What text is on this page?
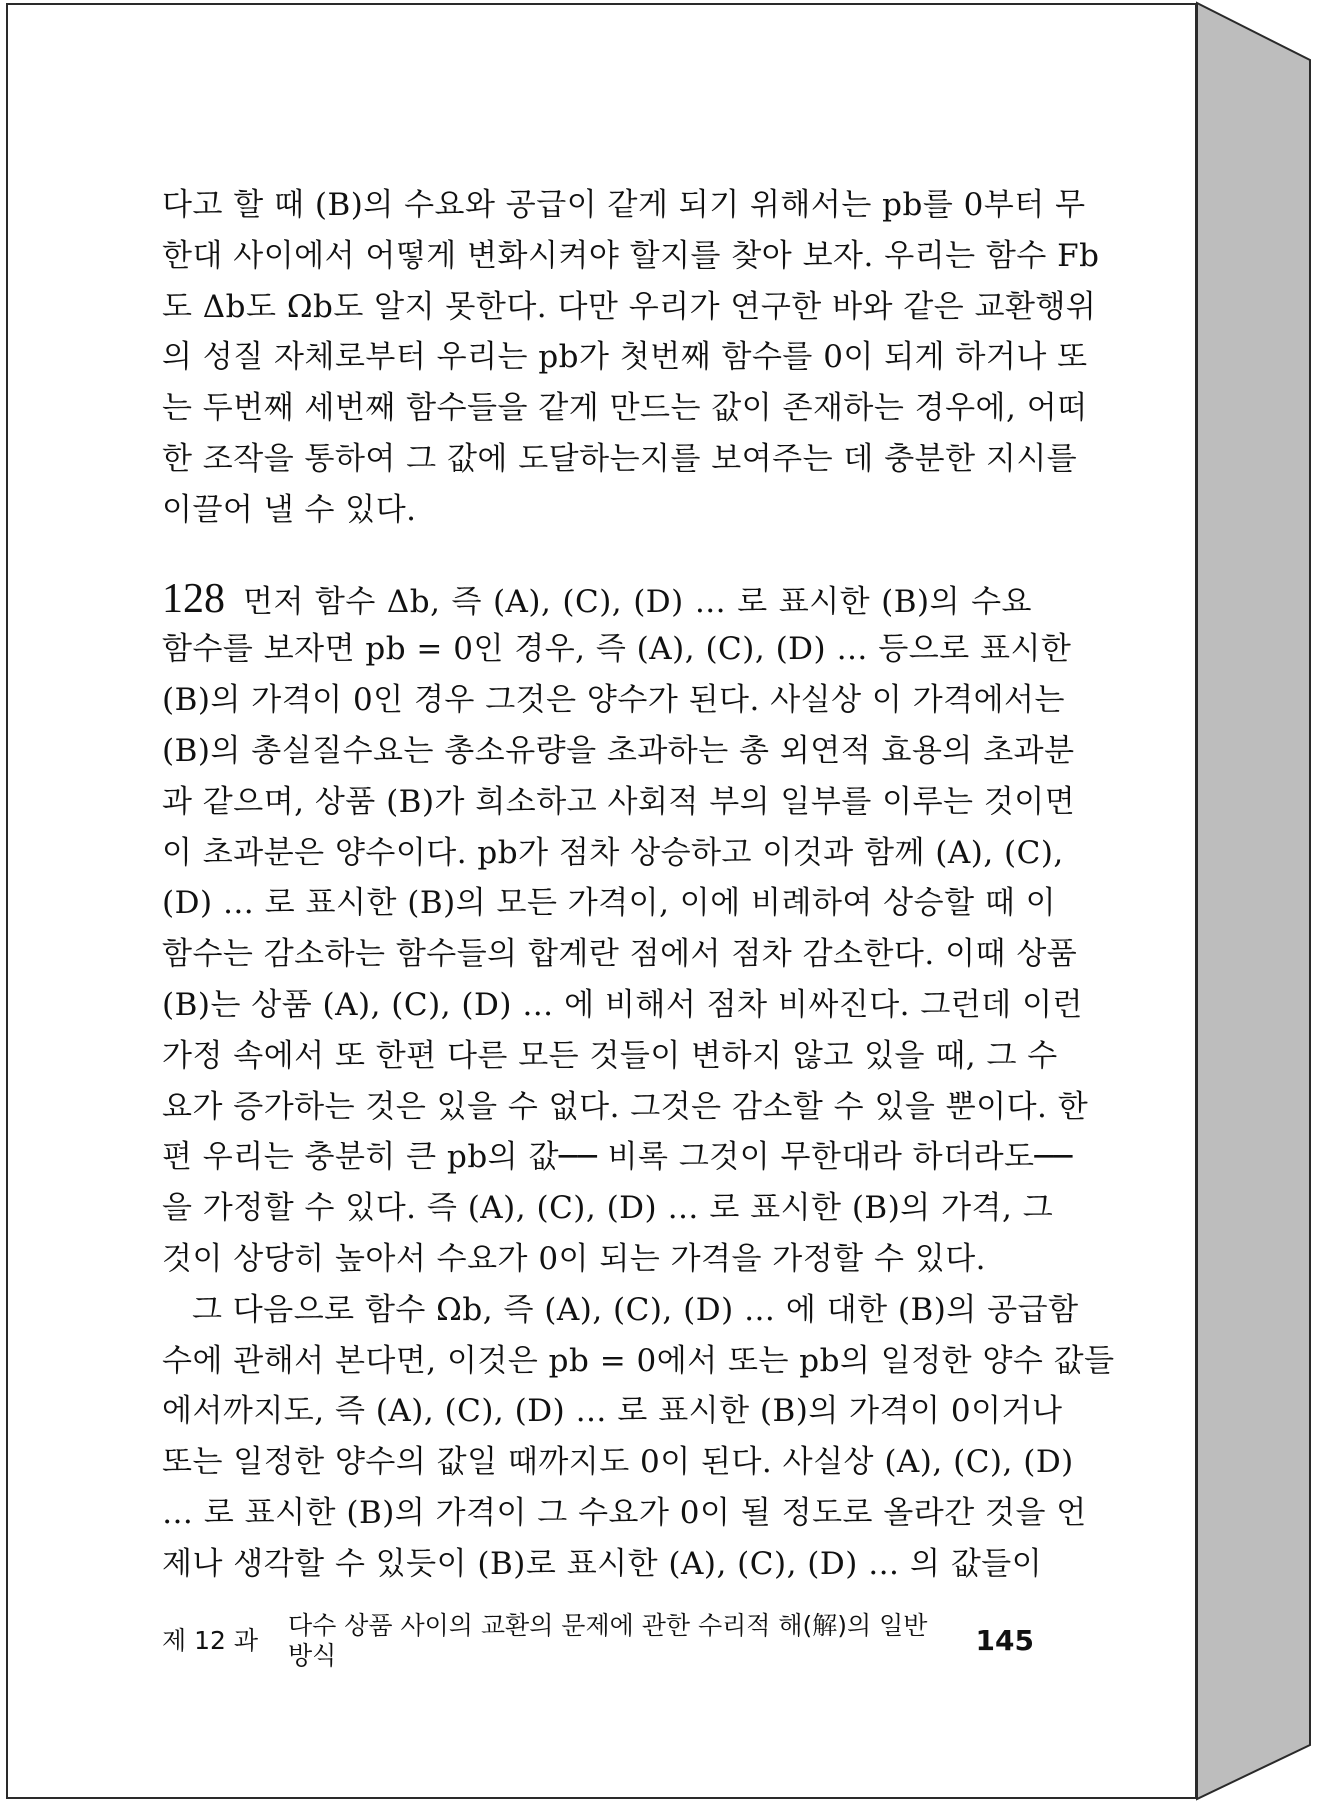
다고 할 때 (B)의 수요와 공급이 같게 되기 위해서는 pb를 0부터 무
한대 사이에서 어떻게 변화시켜야 할지를 찾아 보자. 우리는 함수 Fb
도 Δb도 Ωb도 알지 못한다. 다만 우리가 연구한 바와 같은 교환행위
의 성질 자체로부터 우리는 pb가 첫번째 함수를 0이 되게 하거나 또
는 두번째 세번째 함수들을 같게 만드는 값이 존재하는 경우에, 어떠
한 조작을 통하여 그 값에 도달하는지를 보여주는 데 충분한 지시를
이끌어 낼 수 있다.
128 먼저 함수 Δb, 즉 (A), (C), (D) … 로 표시한 (B)의 수요
함수를 보자면 pb = 0인 경우, 즉 (A), (C), (D) … 등으로 표시한
(B)의 가격이 0인 경우 그것은 양수가 된다. 사실상 이 가격에서는
(B)의 총실질수요는 총소유량을 초과하는 총 외연적 효용의 초과분
과 같으며, 상품 (B)가 희소하고 사회적 부의 일부를 이루는 것이면
이 초과분은 양수이다. pb가 점차 상승하고 이것과 함께 (A), (C),
(D) … 로 표시한 (B)의 모든 가격이, 이에 비례하여 상승할 때 이
함수는 감소하는 함수들의 합계란 점에서 점차 감소한다. 이때 상품
(B)는 상품 (A), (C), (D) … 에 비해서 점차 비싸진다. 그런데 이런
가정 속에서 또 한편 다른 모든 것들이 변하지 않고 있을 때, 그 수
요가 증가하는 것은 있을 수 없다. 그것은 감소할 수 있을 뿐이다. 한
편 우리는 충분히 큰 pb의 값── 비록 그것이 무한대라 하더라도──
을 가정할 수 있다. 즉 (A), (C), (D) … 로 표시한 (B)의 가격, 그
것이 상당히 높아서 수요가 0이 되는 가격을 가정할 수 있다.
그 다음으로 함수 Ωb, 즉 (A), (C), (D) … 에 대한 (B)의 공급함
수에 관해서 본다면, 이것은 pb = 0에서 또는 pb의 일정한 양수 값들
에서까지도, 즉 (A), (C), (D) … 로 표시한 (B)의 가격이 0이거나
또는 일정한 양수의 값일 때까지도 0이 된다. 사실상 (A), (C), (D)
… 로 표시한 (B)의 가격이 그 수요가 0이 될 정도로 올라간 것을 언
제나 생각할 수 있듯이 (B)로 표시한 (A), (C), (D) … 의 값들이
제 12 과
다수 상품 사이의 교환의 문제에 관한 수리적 해(解)의 일반 방식	145
